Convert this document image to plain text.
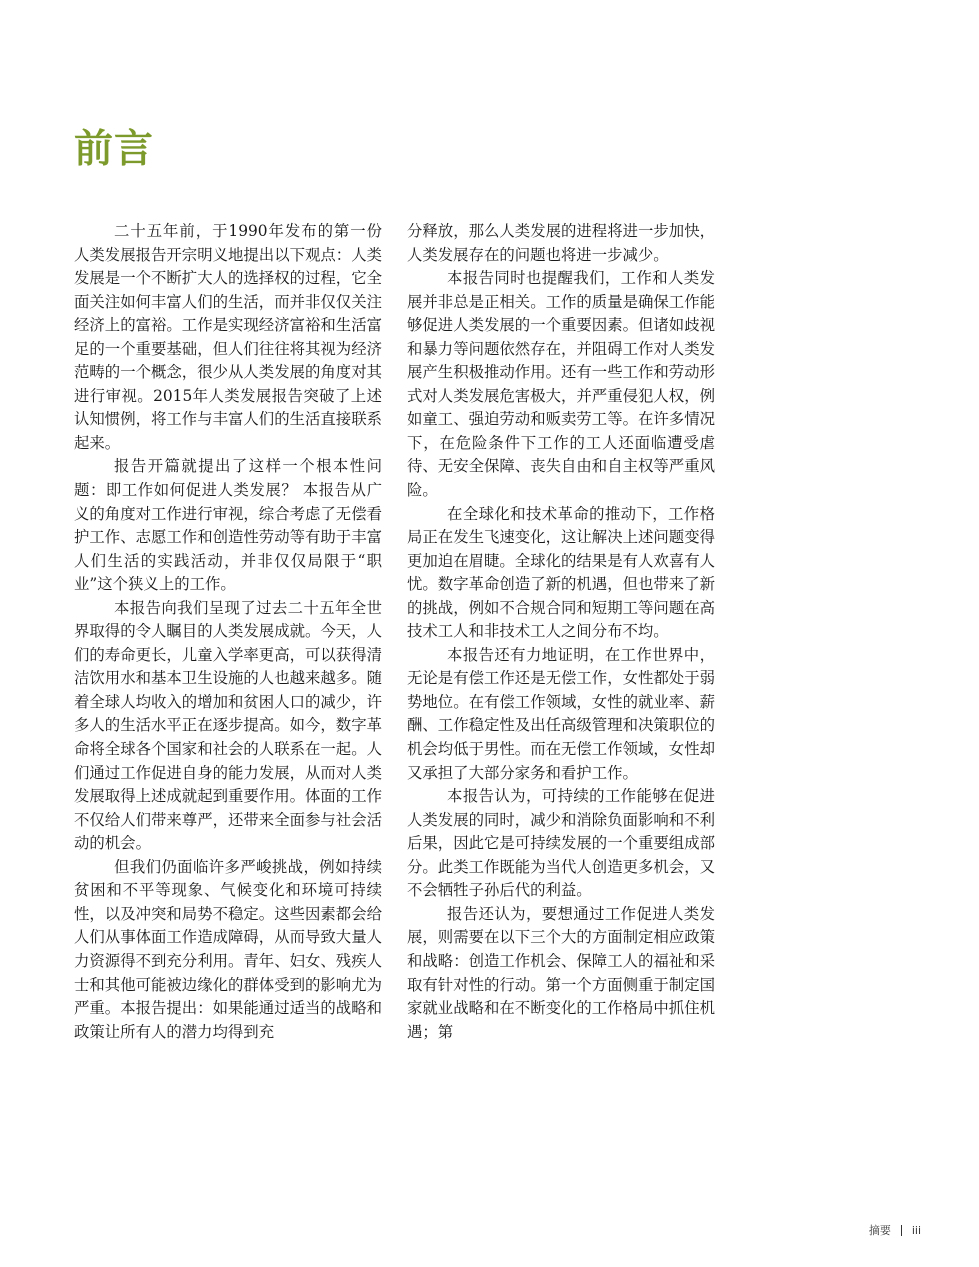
前言

二十五年前，于1990年发布的第一份人类发展报告开宗明义地提出以下观点：人类发展是一个不断扩大人的选择权的过程，它全面关注如何丰富人们的生活，而并非仅仅关注经济上的富裕。工作是实现经济富裕和生活富足的一个重要基础，但人们往往将其视为经济范畴的一个概念，很少从人类发展的角度对其进行审视。2015年人类发展报告突破了上述认知惯例，将工作与丰富人们的生活直接联系起来。

报告开篇就提出了这样一个根本性问题：即工作如何促进人类发展？ 本报告从广义的角度对工作进行审视，综合考虑了无偿看护工作、志愿工作和创造性劳动等有助于丰富人们生活的实践活动，并非仅仅局限于“职业”这个狭义上的工作。

本报告向我们呈现了过去二十五年全世界取得的令人瞩目的人类发展成就。今天，人们的寿命更长，儿童入学率更高，可以获得清洁饮用水和基本卫生设施的人也越来越多。随着全球人均收入的增加和贫困人口的减少，许多人的生活水平正在逐步提高。如今，数字革命将全球各个国家和社会的人联系在一起。人们通过工作促进自身的能力发展，从而对人类发展取得上述成就起到重要作用。体面的工作不仅给人们带来尊严，还带来全面参与社会活动的机会。

但我们仍面临许多严峻挑战，例如持续贫困和不平等现象、气候变化和环境可持续性，以及冲突和局势不稳定。这些因素都会给人们从事体面工作造成障碍，从而导致大量人力资源得不到充分利用。青年、妇女、残疾人士和其他可能被边缘化的群体受到的影响尤为严重。本报告提出：如果能通过适当的战略和政策让所有人的潜力均得到充

分释放，那么人类发展的进程将进一步加快，人类发展存在的问题也将进一步减少。

本报告同时也提醒我们，工作和人类发展并非总是正相关。工作的质量是确保工作能够促进人类发展的一个重要因素。但诸如歧视和暴力等问题依然存在，并阻碍工作对人类发展产生积极推动作用。还有一些工作和劳动形式对人类发展危害极大，并严重侵犯人权，例如童工、强迫劳动和贩卖劳工等。在许多情况下，在危险条件下工作的工人还面临遭受虐待、无安全保障、丧失自由和自主权等严重风险。

在全球化和技术革命的推动下，工作格局正在发生飞速变化，这让解决上述问题变得更加迫在眉睫。全球化的结果是有人欢喜有人忧。数字革命创造了新的机遇，但也带来了新的挑战，例如不合规合同和短期工等问题在高技术工人和非技术工人之间分布不均。

本报告还有力地证明，在工作世界中，无论是有偿工作还是无偿工作，女性都处于弱势地位。在有偿工作领域，女性的就业率、薪酬、工作稳定性及出任高级管理和决策职位的机会均低于男性。而在无偿工作领域，女性却又承担了大部分家务和看护工作。

本报告认为，可持续的工作能够在促进人类发展的同时，减少和消除负面影响和不利后果，因此它是可持续发展的一个重要组成部分。此类工作既能为当代人创造更多机会，又不会牺牲子孙后代的利益。

报告还认为，要想通过工作促进人类发展，则需要在以下三个大的方面制定相应政策和战略：创造工作机会、保障工人的福祉和采取有针对性的行动。第一个方面侧重于制定国家就业战略和在不断变化的工作格局中抓住机遇；第

摘要 iii
